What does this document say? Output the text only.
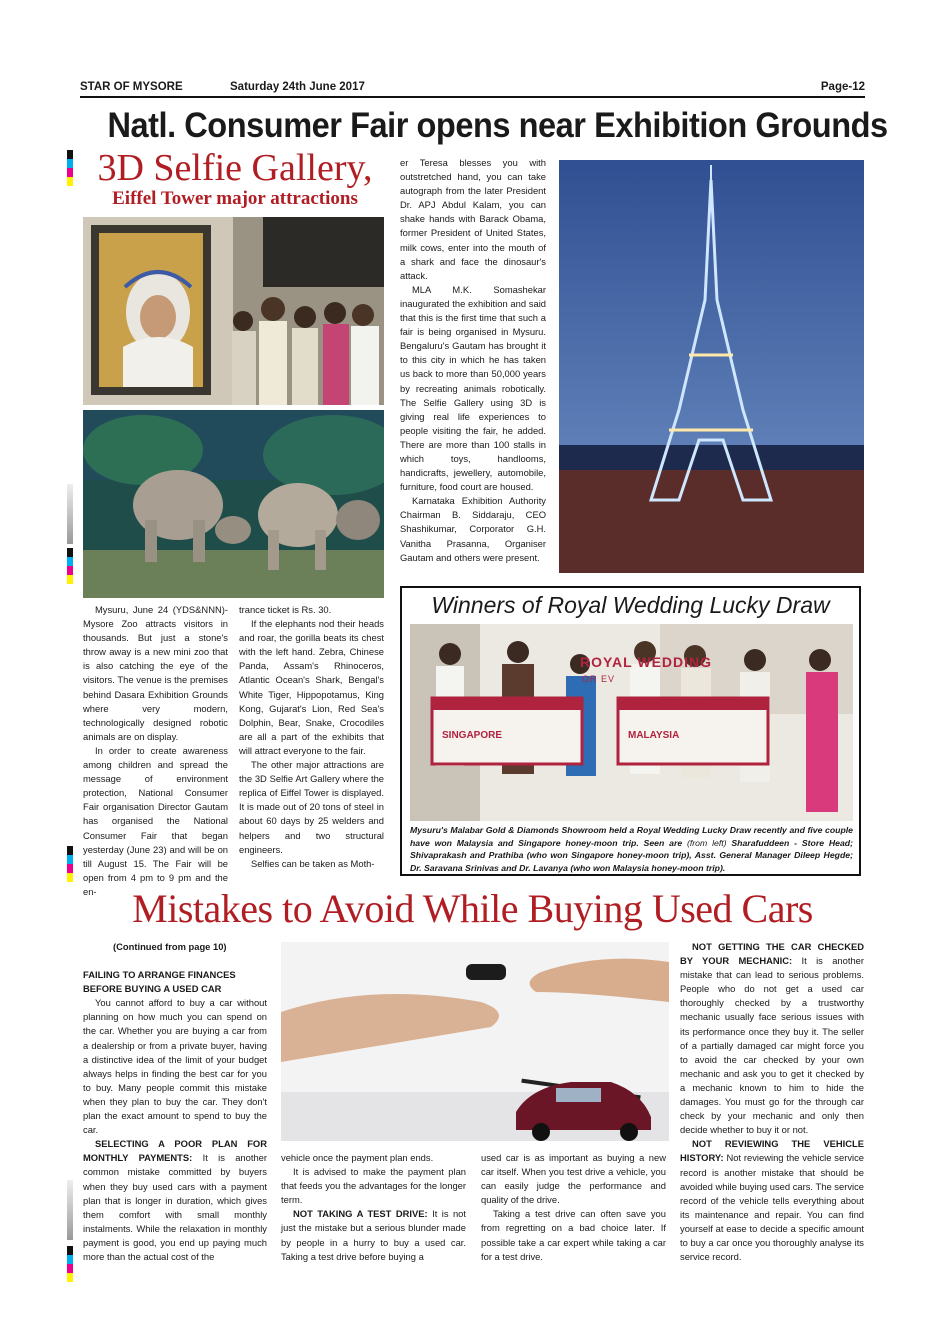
STAR OF MYSORE	Saturday 24th June 2017	Page-12
Natl. Consumer Fair opens near Exhibition Grounds
3D Selfie Gallery,
Eiffel Tower major attractions

er Teresa blesses you with outstretched hand, you can take autograph from the later President Dr. APJ Abdul Kalam, you can shake hands with Barack Obama, former President of United States, milk cows, enter into the mouth of a shark and face the dinosaur's attack.

MLA M.K. Somashekar inaugurated the exhibition and said that this is the first time that such a fair is being organised in Mysuru. Bengaluru's Gautam has brought it to this city in which he has taken us back to more than 50,000 years by recreating animals robotically. The Selfie Gallery using 3D is giving real life experiences to people visiting the fair, he added. There are more than 100 stalls in which toys, handlooms, handicrafts, jewellery, automobile, furniture, food court are housed.

Karnataka Exhibition Authority Chairman B. Siddaraju, CEO Shashikumar, Corporator G.H. Vanitha Prasanna, Organiser Gautam and others were present.

Mysuru, June 24 (YDS&NNN)-Mysore Zoo attracts visitors in thousands. But just a stone's throw away is a new mini zoo that is also catching the eye of the visitors. The venue is the premises behind Dasara Exhibition Grounds where very modern, technologically designed robotic animals are on display.

In order to create awareness among children and spread the message of environment protection, National Consumer Fair organisation Director Gautam has organised the National Consumer Fair that began yesterday (June 23) and will be on till August 15. The Fair will be open from 4 pm to 9 pm and the en-

trance ticket is Rs. 30.

If the elephants nod their heads and roar, the gorilla beats its chest with the left hand. Zebra, Chinese Panda, Assam's Rhinoceros, Atlantic Ocean's Shark, Bengal's White Tiger, Hippopotamus, King Kong, Gujarat's Lion, Red Sea's Dolphin, Bear, Snake, Crocodiles are all a part of the exhibits that will attract everyone to the fair.

The other major attractions are the 3D Selfie Art Gallery where the replica of Eiffel Tower is displayed. It is made out of 20 tons of steel in about 60 days by 25 welders and helpers and two structural engineers.

Selfies can be taken as Moth-

Winners of Royal Wedding Lucky Draw
ROYAL WEDDING
OR EV
SINGAPORE	MALAYSIA
Mysuru's Malabar Gold & Diamonds Showroom held a Royal Wedding Lucky Draw recently and five couple have won Malaysia and Singapore honey-moon trip. Seen are (from left) Sharafuddeen - Store Head; Shivaprakash and Prathiba (who won Singapore honey-moon trip), Asst. General Manager Dileep Hegde; Dr. Saravana Srinivas and Dr. Lavanya (who won Malaysia honey-moon trip).
Mistakes to Avoid While Buying Used Cars

(Continued from page 10)

FAILING TO ARRANGE FINANCES

BEFORE BUYING A USED CAR

You cannot afford to buy a car without planning on how much you can spend on the car. Whether you are buying a car from a dealership or from a private buyer, having a distinctive idea of the limit of your budget always helps in finding the best car for you to buy. Many people commit this mistake when they plan to buy the car. They don't plan the exact amount to spend to buy the car.

SELECTING A POOR PLAN FOR MONTHLY PAYMENTS: It is another common mistake committed by buyers when they buy used cars with a payment plan that is longer in duration, which gives them comfort with small monthly instalments. While the relaxation in monthly payment is good, you end up paying much more than the actual cost of the

vehicle once the payment plan ends.

It is advised to make the payment plan that feeds you the advantages for the longer term.

NOT TAKING A TEST DRIVE: It is not just the mistake but a serious blunder made by people in a hurry to buy a used car. Taking a test drive before buying a

used car is as important as buying a new car itself. When you test drive a vehicle, you can easily judge the performance and quality of the drive.

Taking a test drive can often save you from regretting on a bad choice later. If possible take a car expert while taking a car for a test drive.

NOT GETTING THE CAR CHECKED BY YOUR MECHANIC: It is another mistake that can lead to serious problems. People who do not get a used car thoroughly checked by a trustworthy mechanic usually face serious issues with its performance once they buy it. The seller of a partially damaged car might force you to avoid the car checked by your own mechanic and ask you to get it checked by a mechanic known to him to hide the damages. You must go for the through car check by your mechanic and only then decide whether to buy it or not.

NOT REVIEWING THE VEHICLE HISTORY: Not reviewing the vehicle service record is another mistake that should be avoided while buying used cars. The service record of the vehicle tells everything about its maintenance and repair. You can find yourself at ease to decide a specific amount to buy a car once you thoroughly analyse its service record.
